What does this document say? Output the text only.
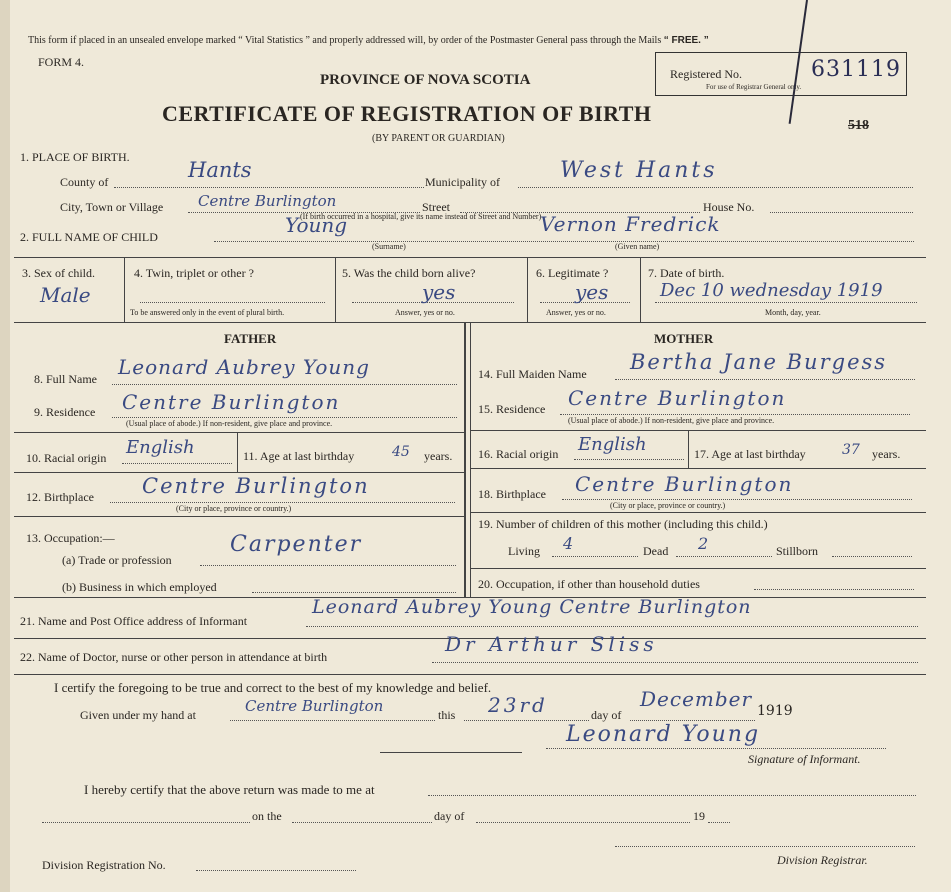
This form if placed in an unsealed envelope marked “ Vital Statistics ” and properly addressed will, by order of the Postmaster General pass through the Mails “ FREE. ”
FORM 4.
PROVINCE OF NOVA SCOTIA
CERTIFICATE OF REGISTRATION OF BIRTH
(BY PARENT OR GUARDIAN)
Registered No.	631119
For use of Registrar General only.
518
1. PLACE OF BIRTH.
County of	Hants	Municipality of	West Hants
City, Town or Village Centre Burlington	Street	House No.
(If birth occurred in a hospital, give its name instead of Street and Number)
2. FULL NAME OF CHILD	Young
(Surname)
Vernon Fredrick
(Given name)
3. Sex of child.
Male
4. Twin, triplet or other ?
To be answered only in the event of plural birth.
5. Was the child born alive?
yes
Answer, yes or no.
6. Legitimate ?
yes
Answer, yes or no.
7. Date of birth.
Dec 10 wednesday 1919
Month, day, year.
FATHER	MOTHER
8. Full Name Leonard Aubrey Young
9. Residence Centre Burlington
(Usual place of abode.) If non-resident, give place and province.
10. Racial origin English	11. Age at last birthday	45 years.
12. Birthplace Centre Burlington
(City or place, province or country.)
13. Occupation:—
(a) Trade or profession
Carpenter
(b) Business in which employed
14. Full Maiden Name Bertha Jane Burgess
15. Residence Centre Burlington
(Usual place of abode.) If non-resident, give place and province.
16. Racial origin English	17. Age at last birthday	37 years.
18. Birthplace Centre Burlington
(City or place, province or country.)
19. Number of children of this mother (including this child.)
Living 4	Dead 2	Stillborn
20. Occupation, if other than household duties
21. Name and Post Office address of Informant
Leonard Aubrey Young Centre Burlington
22. Name of Doctor, nurse or other person in attendance at birth
Dr Arthur Sliss
I certify the foregoing to be true and correct to the best of my knowledge and belief.
Given under my hand at	Centre Burlington	this 23rd	day of
December 1919
Leonard Young
Signature of Informant.
I hereby certify that the above return was made to me at
on the	day of	19
Division Registration No.	Division Registrar.
